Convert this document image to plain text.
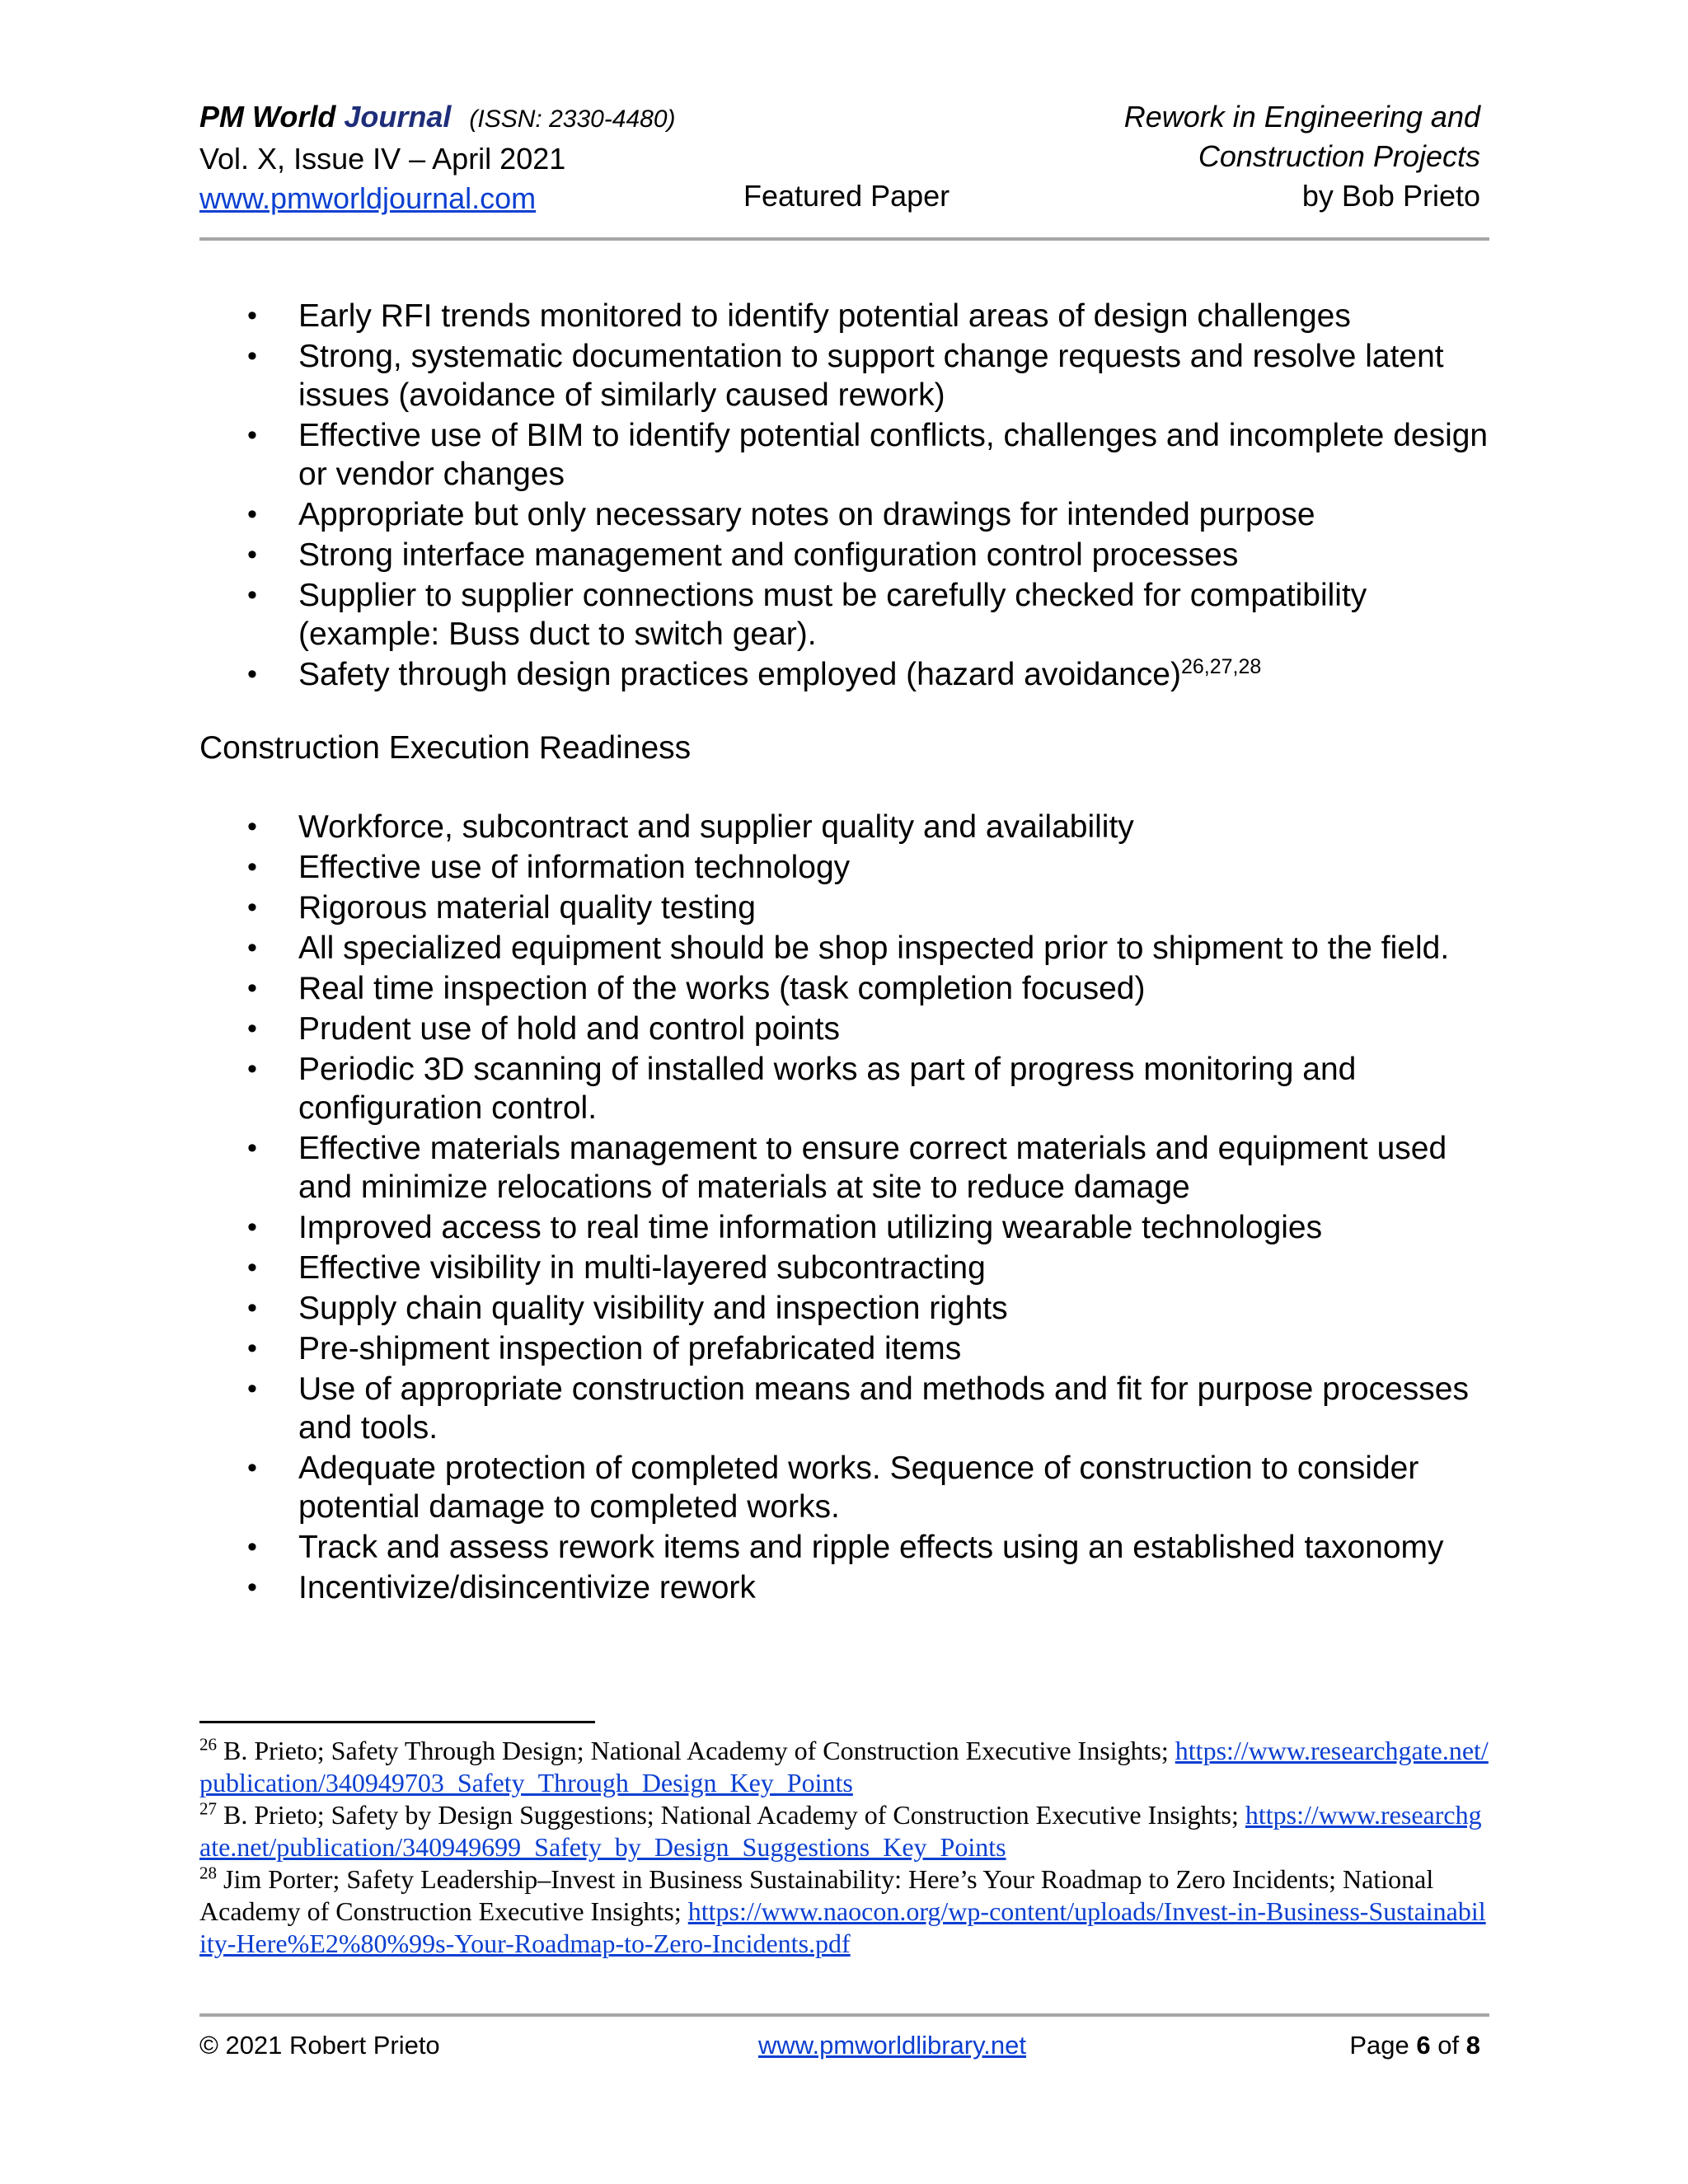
PM World Journal (ISSN: 2330-4480)
Vol. X, Issue IV – April 2021
www.pmworldjournal.com	Featured Paper
Rework in Engineering and
Construction Projects
by Bob Prieto
• Early RFI trends monitored to identify potential areas of design challenges
• Strong, systematic documentation to support change requests and resolve latent issues (avoidance of similarly caused rework)
• Effective use of BIM to identify potential conflicts, challenges and incomplete design or vendor changes
• Appropriate but only necessary notes on drawings for intended purpose
• Strong interface management and configuration control processes
• Supplier to supplier connections must be carefully checked for compatibility (example: Buss duct to switch gear).
• Safety through design practices employed (hazard avoidance)$^{26,27,28}$
Construction Execution Readiness
• Workforce, subcontract and supplier quality and availability
• Effective use of information technology
• Rigorous material quality testing
• All specialized equipment should be shop inspected prior to shipment to the field.
• Real time inspection of the works (task completion focused)
• Prudent use of hold and control points
• Periodic 3D scanning of installed works as part of progress monitoring and configuration control.
• Effective materials management to ensure correct materials and equipment used and minimize relocations of materials at site to reduce damage
• Improved access to real time information utilizing wearable technologies
• Effective visibility in multi-layered subcontracting
• Supply chain quality visibility and inspection rights
• Pre-shipment inspection of prefabricated items
• Use of appropriate construction means and methods and fit for purpose processes and tools.
• Adequate protection of completed works. Sequence of construction to consider potential damage to completed works.
• Track and assess rework items and ripple effects using an established taxonomy
• Incentivize/disincentivize rework

$^{26}$ B. Prieto; Safety Through Design; National Academy of Construction Executive Insights; https://www.researchgate.net/publication/340949703_Safety_Through_Design_Key_Points

$^{27}$ B. Prieto; Safety by Design Suggestions; National Academy of Construction Executive Insights; https://www.researchgate.net/publication/340949699_Safety_by_Design_Suggestions_Key_Points

$^{28}$ Jim Porter; Safety Leadership–Invest in Business Sustainability: Here’s Your Roadmap to Zero Incidents; National Academy of Construction Executive Insights; https://www.naocon.org/wp-content/uploads/Invest-in-Business-Sustainability-Here%E2%80%99s-Your-Roadmap-to-Zero-Incidents.pdf

© 2021 Robert Prieto	www.pmworldlibrary.net	Page 6 of 8
